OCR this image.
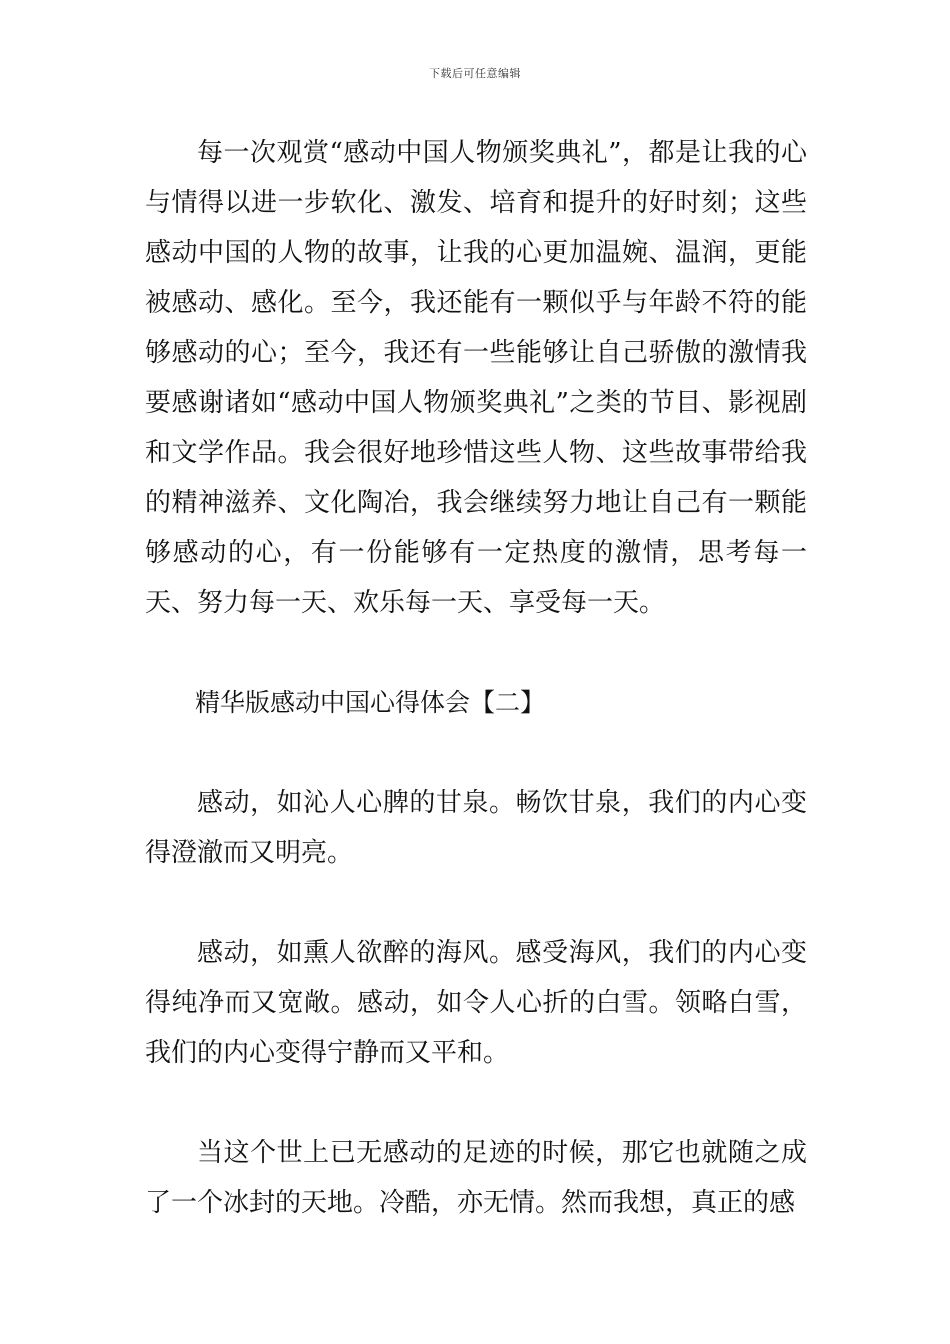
下载后可任意编辑

每一次观赏“感动中国人物颁奖典礼”，都是让我的心与情得以进一步软化、激发、培育和提升的好时刻；这些感动中国的人物的故事，让我的心更加温婉、温润，更能被感动、感化。至今，我还能有一颗似乎与年龄不符的能够感动的心；至今，我还有一些能够让自己骄傲的激情我要感谢诸如“感动中国人物颁奖典礼”之类的节目、影视剧和文学作品。我会很好地珍惜这些人物、这些故事带给我的精神滋养、文化陶冶，我会继续努力地让自己有一颗能够感动的心，有一份能够有一定热度的激情，思考每一天、努力每一天、欢乐每一天、享受每一天。

精华版感动中国心得体会【二】

感动，如沁人心脾的甘泉。畅饮甘泉，我们的内心变得澄澈而又明亮。

感动，如熏人欲醉的海风。感受海风，我们的内心变得纯净而又宽敞。感动，如令人心折的白雪。领略白雪，我们的内心变得宁静而又平和。

当这个世上已无感动的足迹的时候，那它也就随之成了一个冰封的天地。冷酷，亦无情。然而我想，真正的感
